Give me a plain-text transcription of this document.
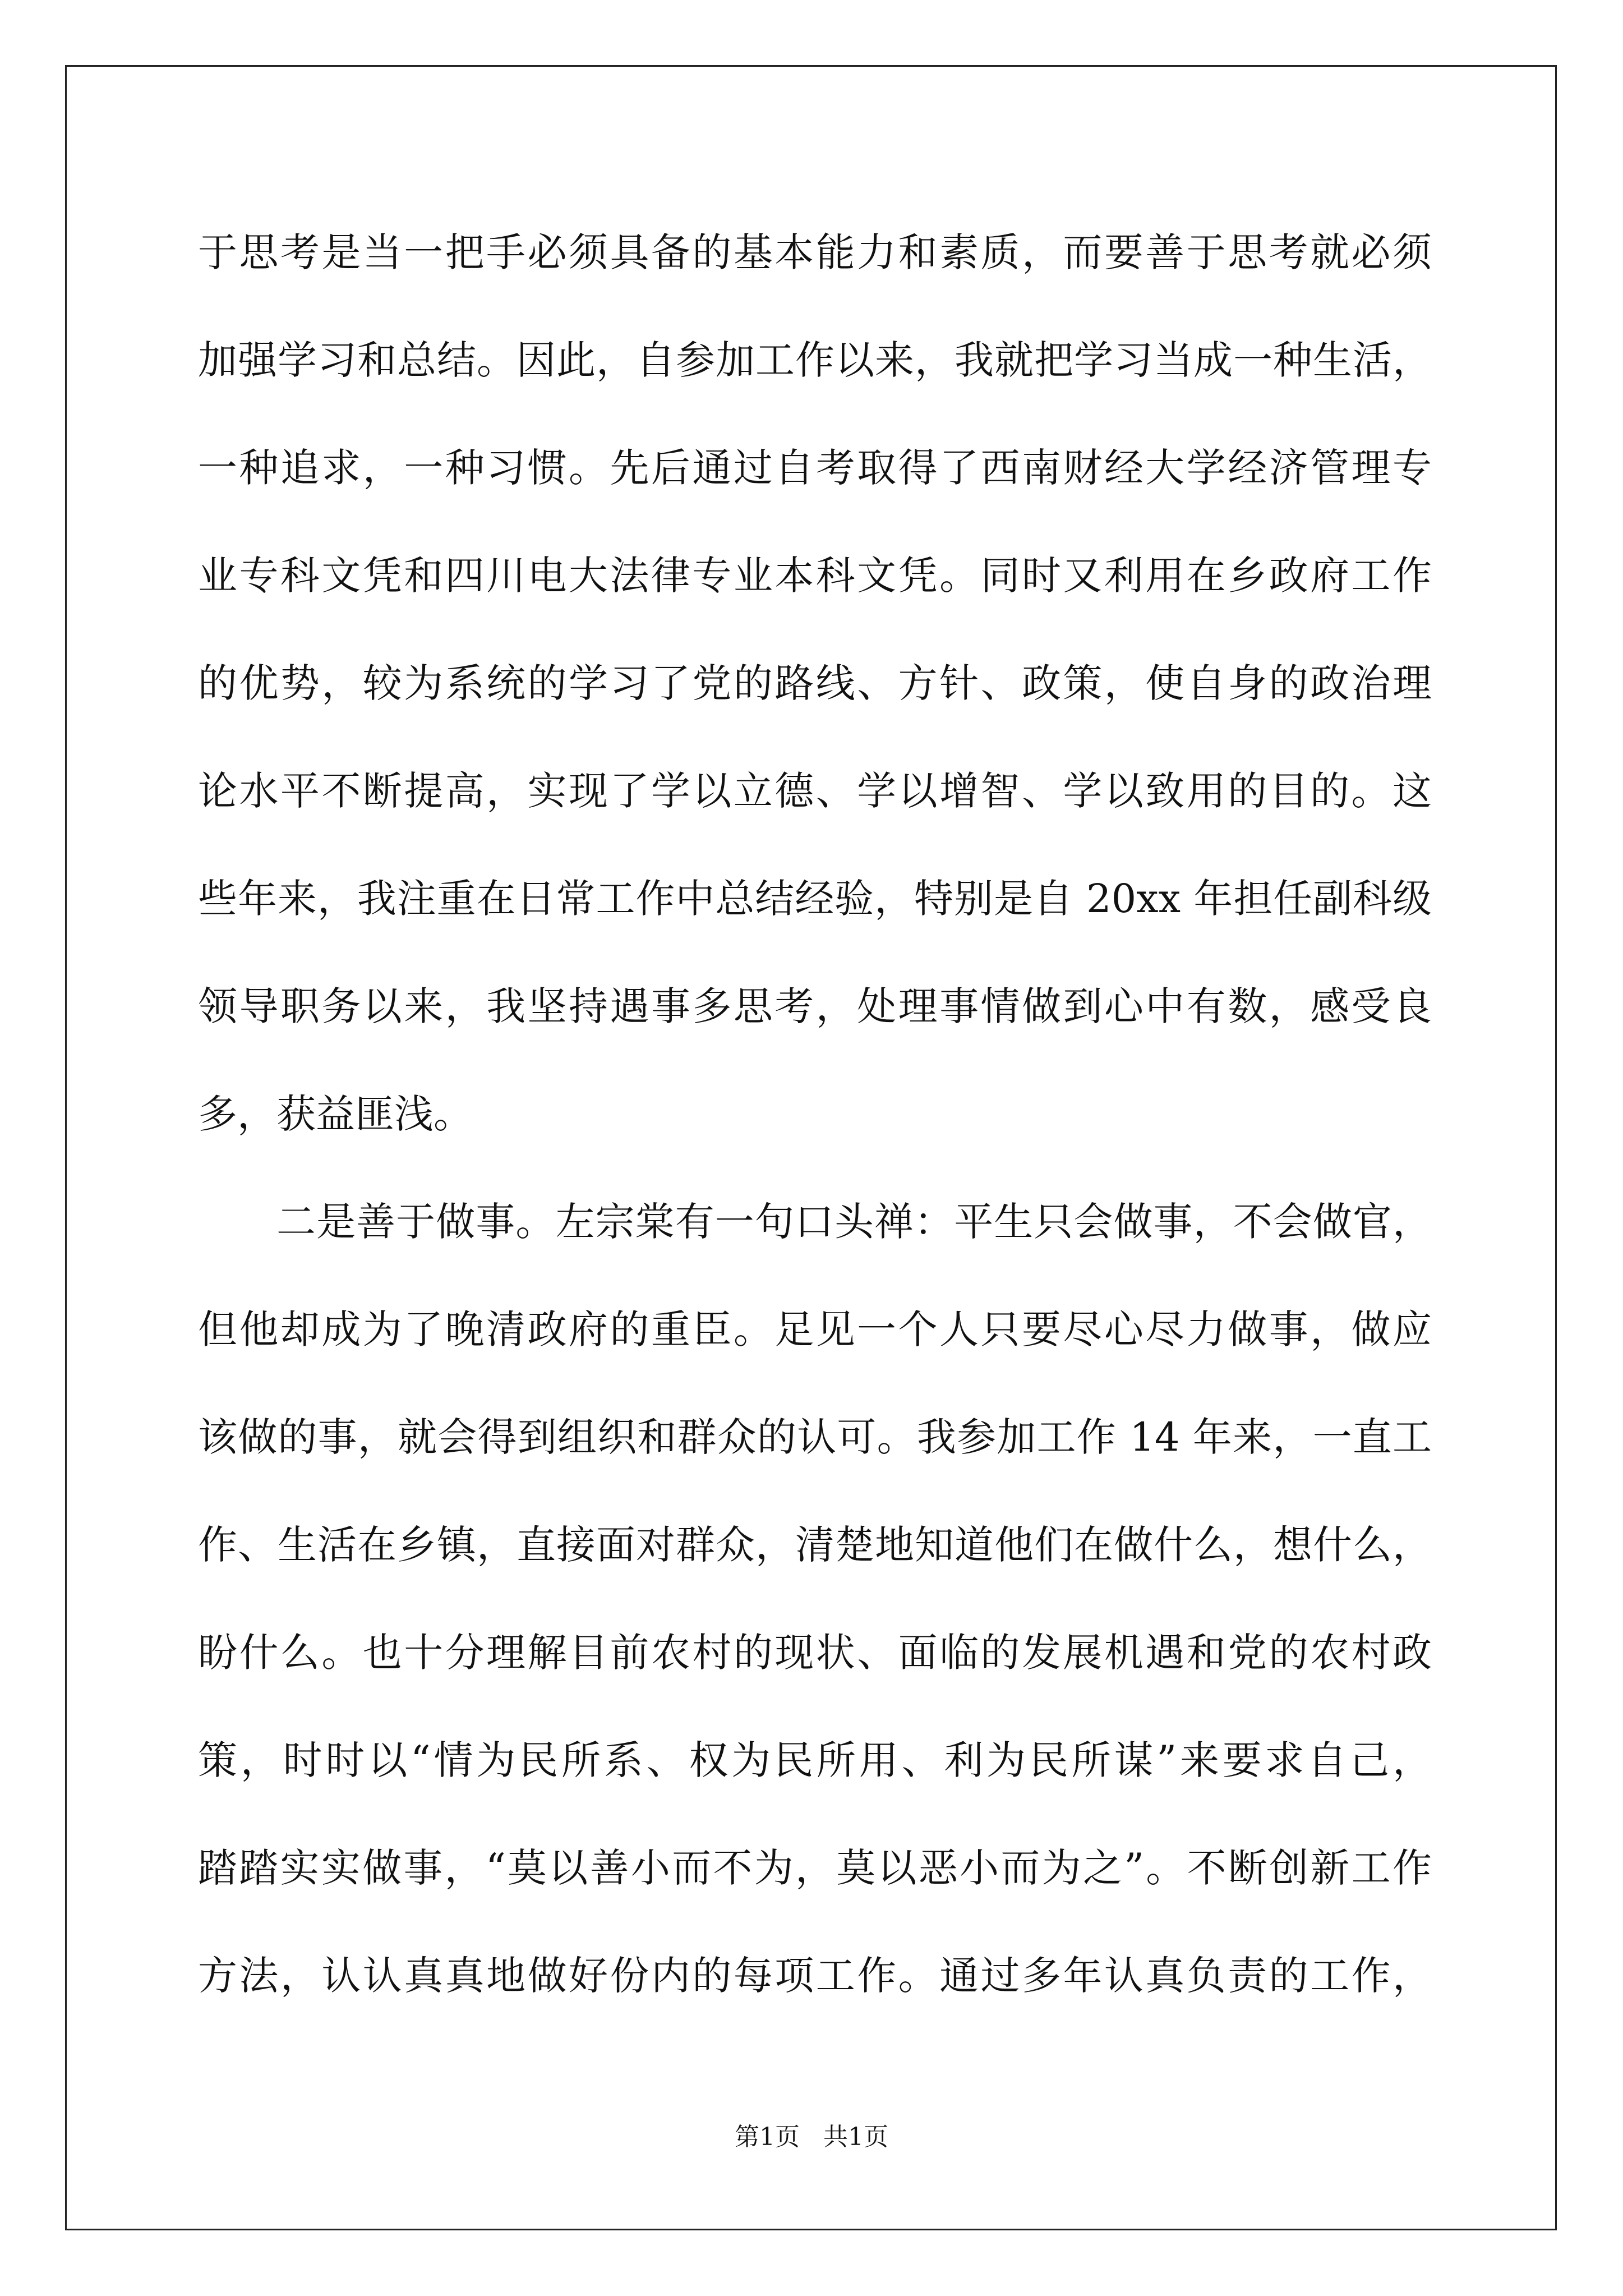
于思考是当一把手必须具备的基本能力和素质，而要善于思考就必须
加强学习和总结。因此，自参加工作以来，我就把学习当成一种生活，
一种追求，一种习惯。先后通过自考取得了西南财经大学经济管理专
业专科文凭和四川电大法律专业本科文凭。同时又利用在乡政府工作
的优势，较为系统的学习了党的路线、方针、政策，使自身的政治理
论水平不断提高，实现了学以立德、学以增智、学以致用的目的。这
些年来，我注重在日常工作中总结经验，特别是自 20xx 年担任副科级
领导职务以来，我坚持遇事多思考，处理事情做到心中有数，感受良
多，获益匪浅。
二是善于做事。左宗棠有一句口头禅：平生只会做事，不会做官，
但他却成为了晚清政府的重臣。足见一个人只要尽心尽力做事，做应
该做的事，就会得到组织和群众的认可。我参加工作 14 年来，一直工
作、生活在乡镇，直接面对群众，清楚地知道他们在做什么，想什么，
盼什么。也十分理解目前农村的现状、面临的发展机遇和党的农村政
策，时时以“情为民所系、权为民所用、利为民所谋”来要求自己，
踏踏实实做事，“莫以善小而不为，莫以恶小而为之”。不断创新工作
方法，认认真真地做好份内的每项工作。通过多年认真负责的工作，
第1页   共1页
